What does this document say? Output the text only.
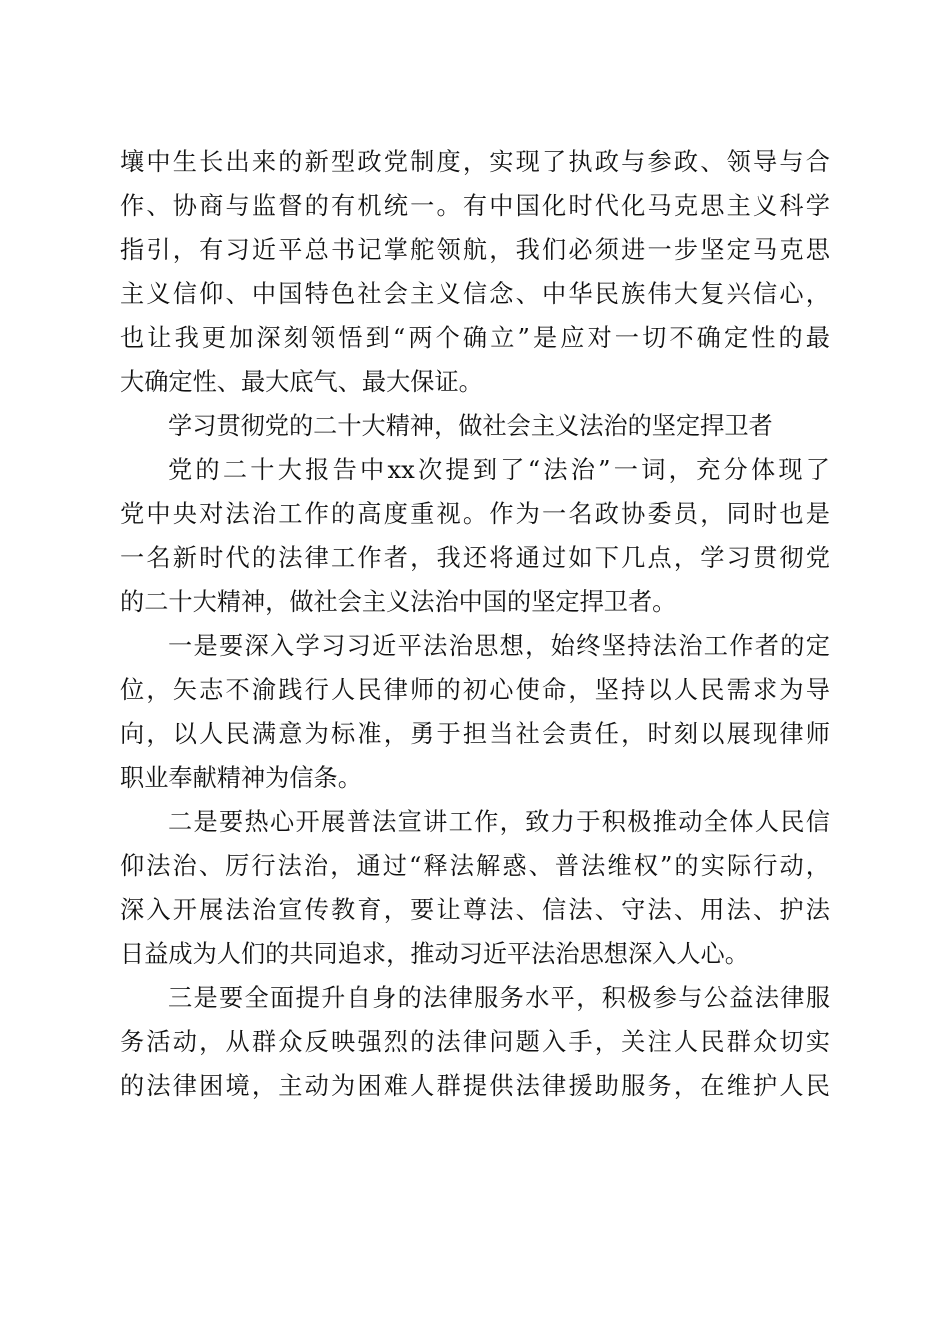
壤中生长出来的新型政党制度，实现了执政与参政、领导与合
作、协商与监督的有机统一。有中国化时代化马克思主义科学
指引，有习近平总书记掌舵领航，我们必须进一步坚定马克思
主义信仰、中国特色社会主义信念、中华民族伟大复兴信心，
也让我更加深刻领悟到“两个确立”是应对一切不确定性的最
大确定性、最大底气、最大保证。
学习贯彻党的二十大精神，做社会主义法治的坚定捍卫者
党的二十大报告中xx次提到了“法治”一词，充分体现了
党中央对法治工作的高度重视。作为一名政协委员，同时也是
一名新时代的法律工作者，我还将通过如下几点，学习贯彻党
的二十大精神，做社会主义法治中国的坚定捍卫者。
一是要深入学习习近平法治思想，始终坚持法治工作者的定
位，矢志不渝践行人民律师的初心使命，坚持以人民需求为导
向，以人民满意为标准，勇于担当社会责任，时刻以展现律师
职业奉献精神为信条。
二是要热心开展普法宣讲工作，致力于积极推动全体人民信
仰法治、厉行法治，通过“释法解惑、普法维权”的实际行动，
深入开展法治宣传教育，要让尊法、信法、守法、用法、护法
日益成为人们的共同追求，推动习近平法治思想深入人心。
三是要全面提升自身的法律服务水平，积极参与公益法律服
务活动，从群众反映强烈的法律问题入手，关注人民群众切实
的法律困境，主动为困难人群提供法律援助服务，在维护人民
